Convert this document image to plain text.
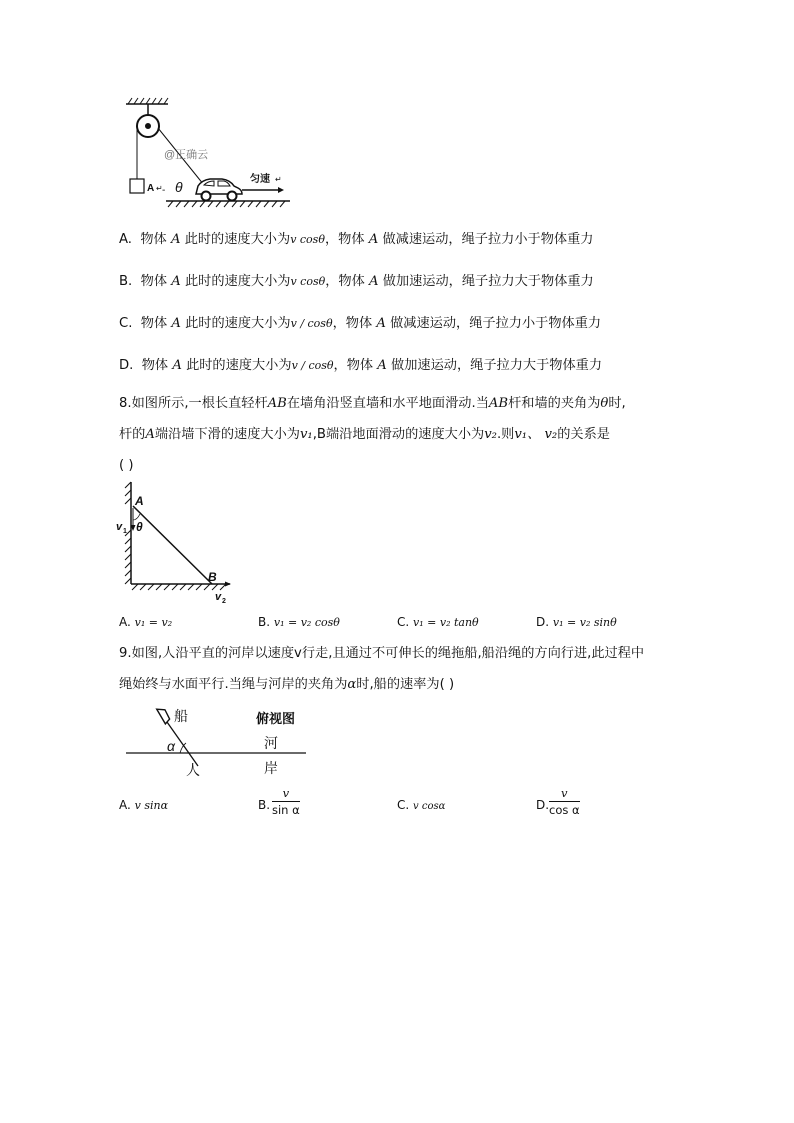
A ↵ -
@正确云
θ	匀速 ↵
A. 物体 A 此时的速度大小为v cosθ，物体 A 做减速运动，绳子拉力小于物体重力
B. 物体 A 此时的速度大小为v cosθ，物体 A 做加速运动，绳子拉力大于物体重力
C. 物体 A 此时的速度大小为v / cosθ，物体 A 做减速运动，绳子拉力小于物体重力
D. 物体 A 此时的速度大小为v / cosθ，物体 A 做加速运动，绳子拉力大于物体重力
8.如图所示,一根长直轻杆AB在墙角沿竖直墙和水平地面滑动.当AB杆和墙的夹角为θ时,
杆的A端沿墙下滑的速度大小为v₁,B端沿地面滑动的速度大小为v₂.则v₁、 v₂的关系是
( )
A
v 1 θ
B
v 2
A. v₁ = v₂	B. v₁ = v₂ cosθ	C. v₁ = v₂ tanθ	D. v₁ = v₂ sinθ
9.如图,人沿平直的河岸以速度v行走,且通过不可伸长的绳拖船,船沿绳的方向行进,此过程中
绳始终与水面平行.当绳与河岸的夹角为α时,船的速率为( )
船	俯视图
α	河
人	岸
A. v sinα	B. $\frac{v}{\text{sin α}}$	C. v cosα	D. $\frac{v}{\text{cos α}}$
